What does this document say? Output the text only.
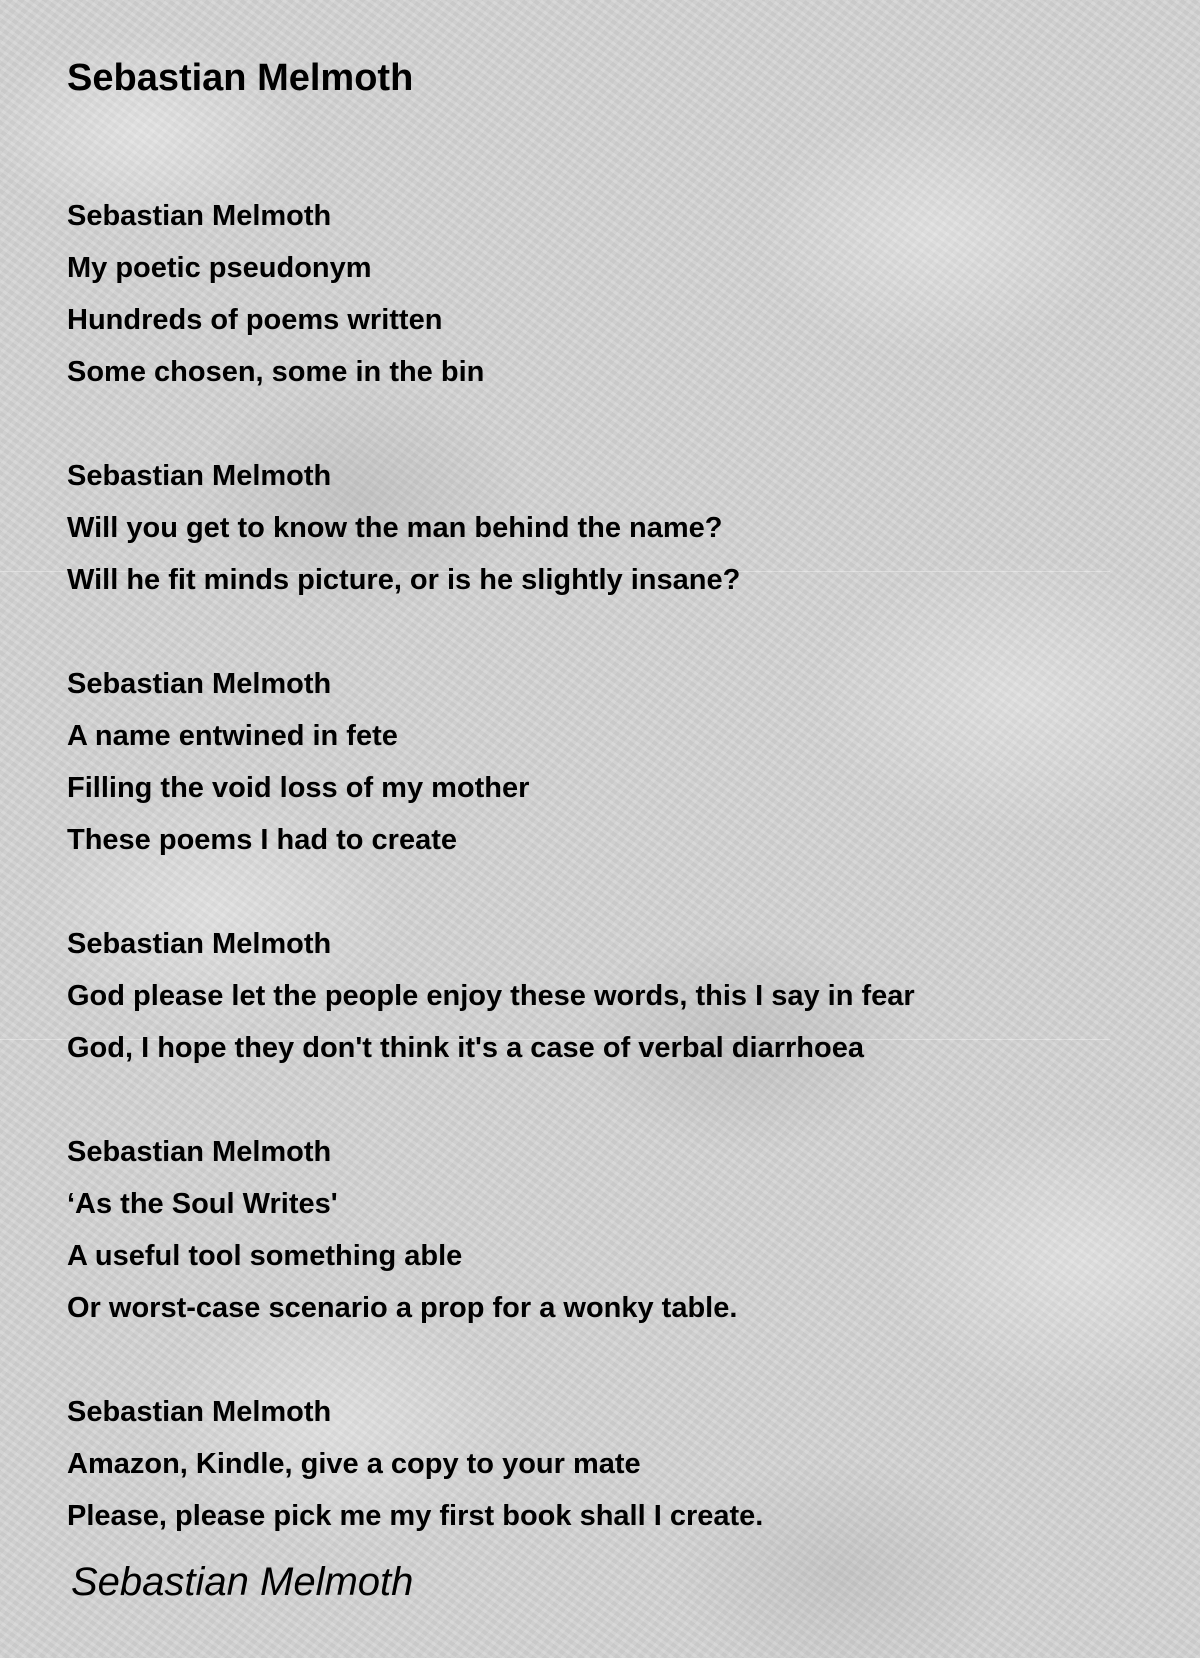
Sebastian Melmoth
Sebastian Melmoth
My poetic pseudonym
Hundreds of poems written
Some chosen, some in the bin
Sebastian Melmoth
Will you get to know the man behind the name?
Will he fit minds picture, or is he slightly insane?
Sebastian Melmoth
A name entwined in fete
Filling the void loss of my mother
These poems I had to create
Sebastian Melmoth
God please let the people enjoy these words, this I say in fear
God, I hope they don't think it's a case of verbal diarrhoea
Sebastian Melmoth
‘As the Soul Writes'
A useful tool something able
Or worst-case scenario a prop for a wonky table.
Sebastian Melmoth
Amazon, Kindle, give a copy to your mate
Please, please pick me my first book shall I create.
Sebastian Melmoth
